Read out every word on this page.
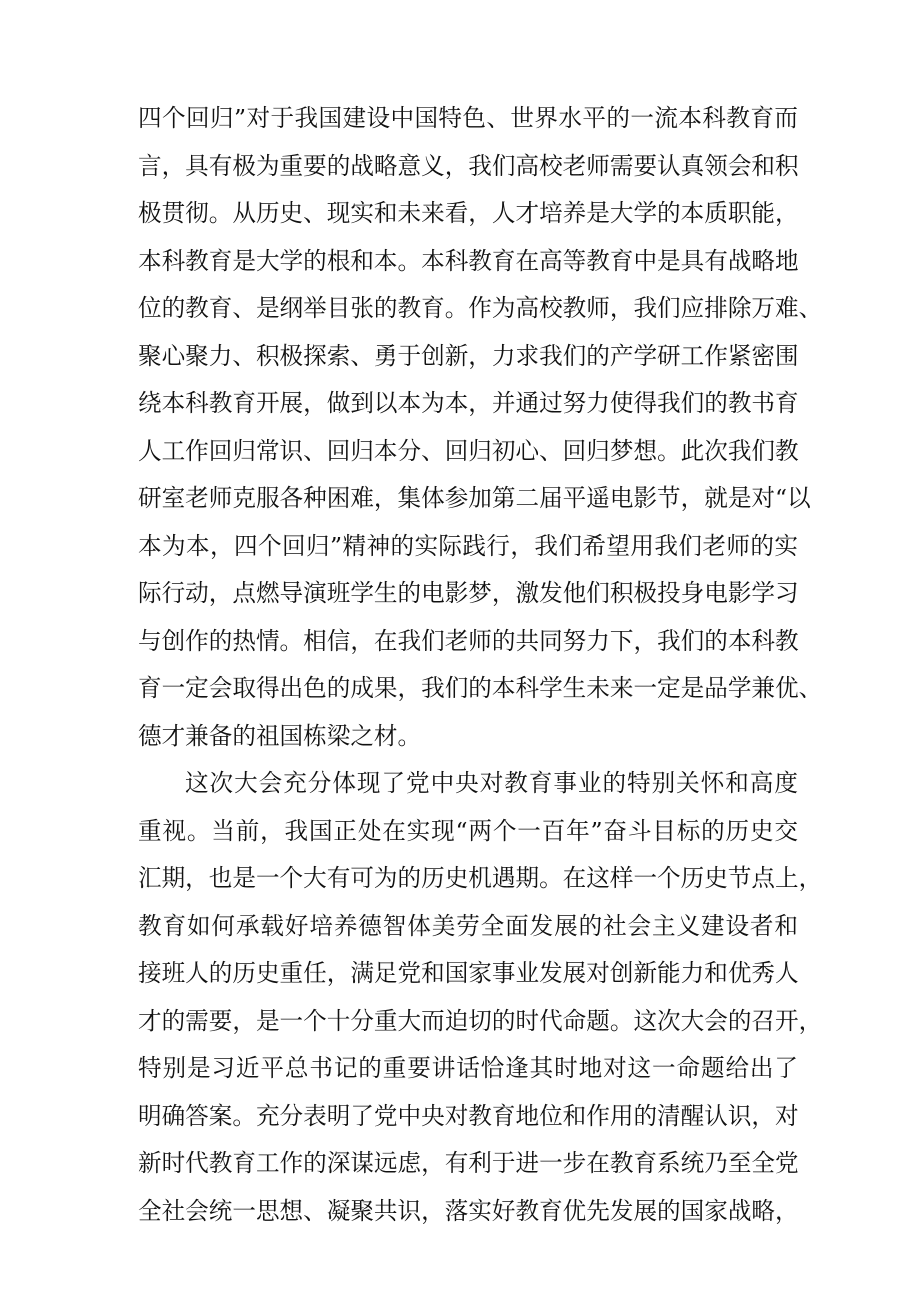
四个回归”对于我国建设中国特色、世界水平的一流本科教育而
言，具有极为重要的战略意义，我们高校老师需要认真领会和积
极贯彻。从历史、现实和未来看，人才培养是大学的本质职能，
本科教育是大学的根和本。本科教育在高等教育中是具有战略地
位的教育、是纲举目张的教育。作为高校教师，我们应排除万难、
聚心聚力、积极探索、勇于创新，力求我们的产学研工作紧密围
绕本科教育开展，做到以本为本，并通过努力使得我们的教书育
人工作回归常识、回归本分、回归初心、回归梦想。此次我们教
研室老师克服各种困难，集体参加第二届平遥电影节，就是对“以
本为本，四个回归”精神的实际践行，我们希望用我们老师的实
际行动，点燃导演班学生的电影梦，激发他们积极投身电影学习
与创作的热情。相信，在我们老师的共同努力下，我们的本科教
育一定会取得出色的成果，我们的本科学生未来一定是品学兼优、
德才兼备的祖国栋梁之材。
这次大会充分体现了党中央对教育事业的特别关怀和高度
重视。当前，我国正处在实现“两个一百年”奋斗目标的历史交
汇期，也是一个大有可为的历史机遇期。在这样一个历史节点上，
教育如何承载好培养德智体美劳全面发展的社会主义建设者和
接班人的历史重任，满足党和国家事业发展对创新能力和优秀人
才的需要，是一个十分重大而迫切的时代命题。这次大会的召开，
特别是习近平总书记的重要讲话恰逢其时地对这一命题给出了
明确答案。充分表明了党中央对教育地位和作用的清醒认识，对
新时代教育工作的深谋远虑，有利于进一步在教育系统乃至全党
全社会统一思想、凝聚共识，落实好教育优先发展的国家战略，
